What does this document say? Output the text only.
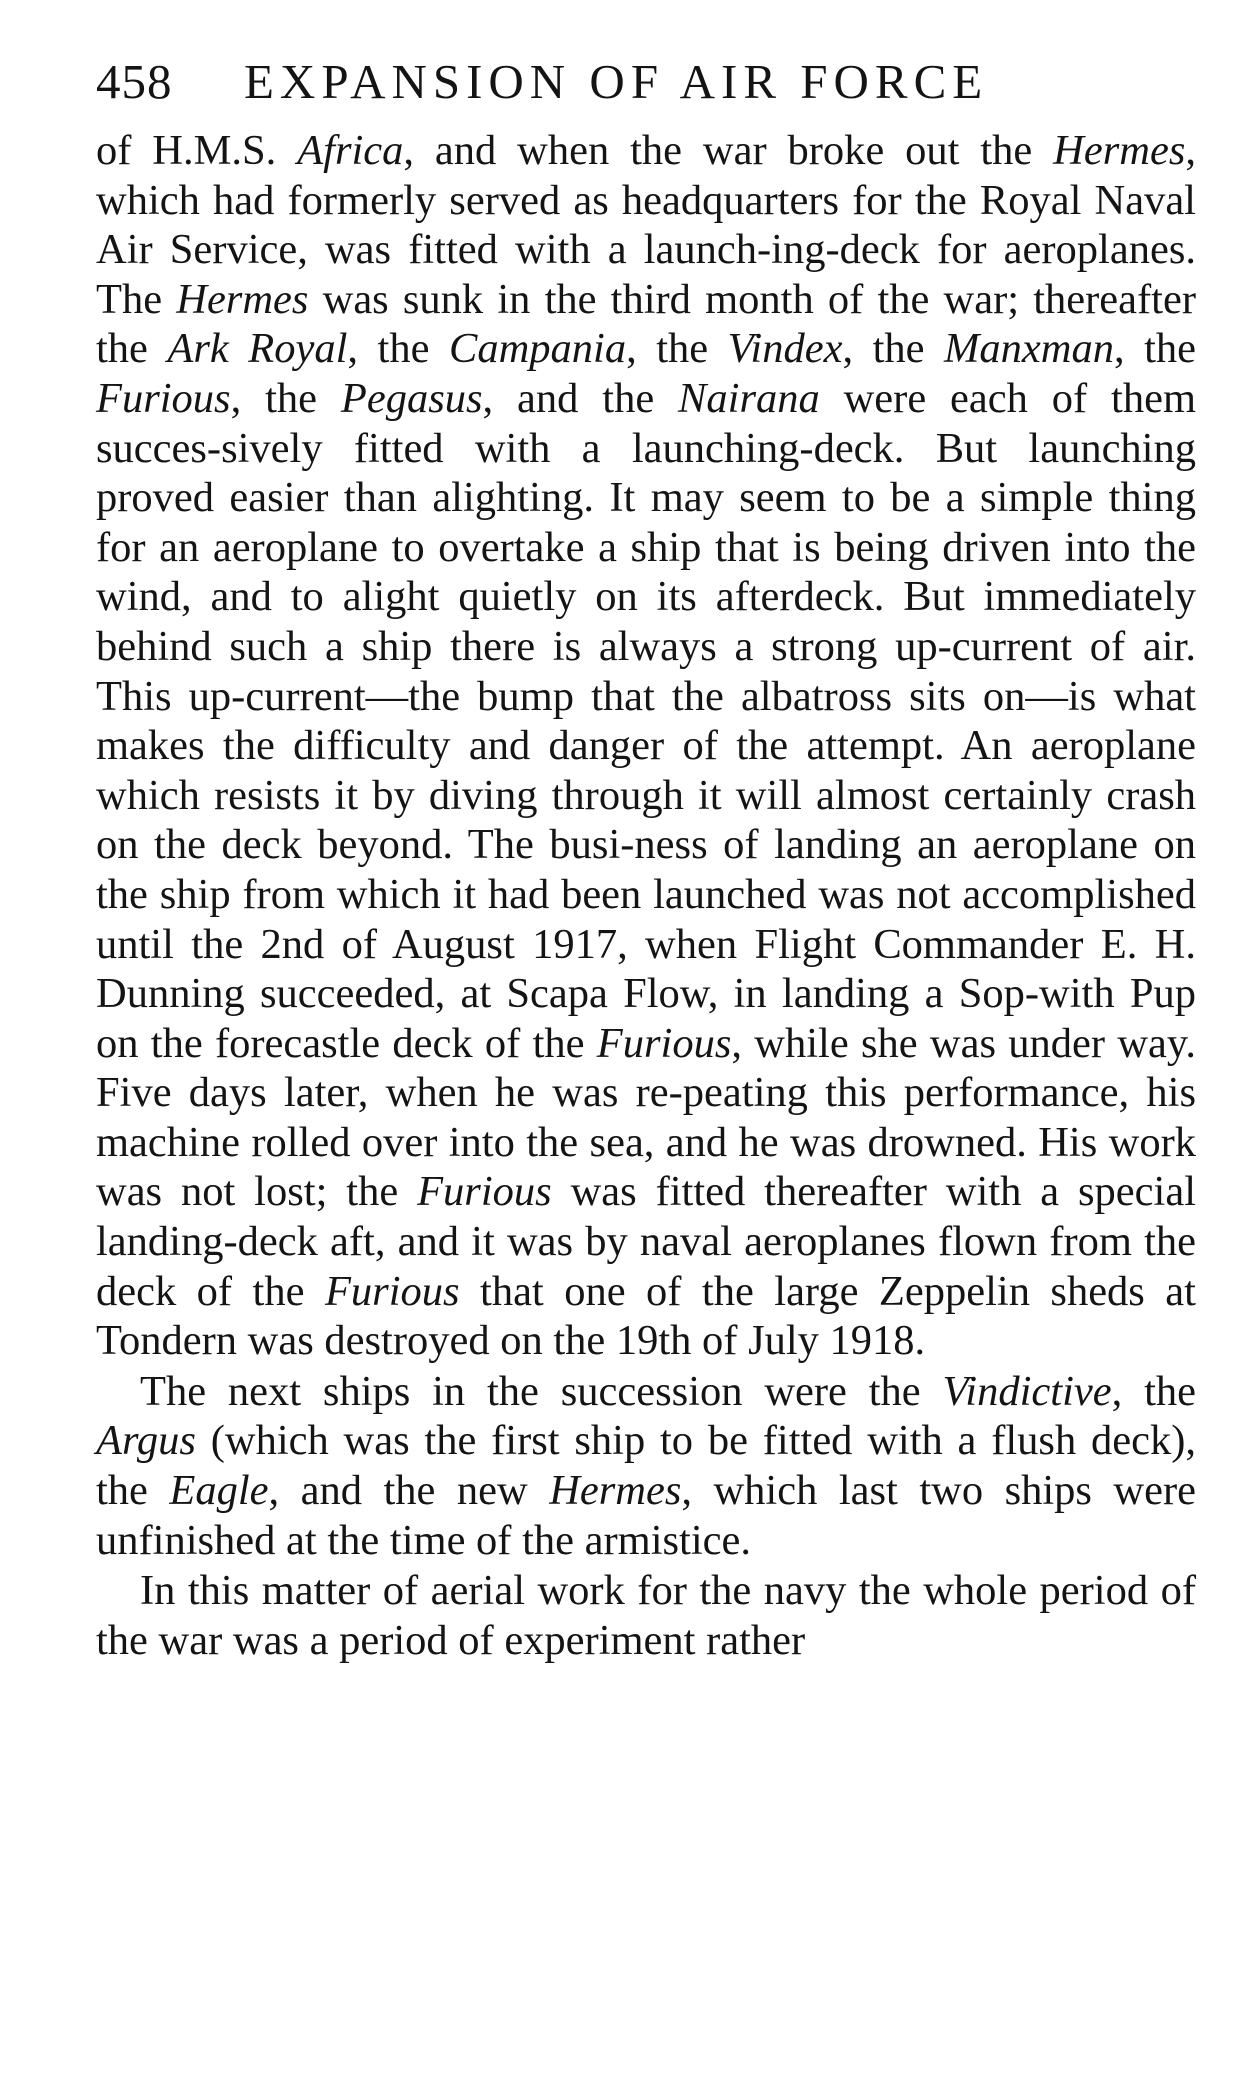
458	EXPANSION OF AIR FORCE

of H.M.S. Africa, and when the war broke out the Hermes, which had formerly served as headquarters for the Royal Naval Air Service, was fitted with a launch-ing-deck for aeroplanes. The Hermes was sunk in the third month of the war; thereafter the Ark Royal, the Campania, the Vindex, the Manxman, the Furious, the Pegasus, and the Nairana were each of them succes-sively fitted with a launching-deck. But launching proved easier than alighting. It may seem to be a simple thing for an aeroplane to overtake a ship that is being driven into the wind, and to alight quietly on its afterdeck. But immediately behind such a ship there is always a strong up-current of air. This up-current—the bump that the albatross sits on—is what makes the difficulty and danger of the attempt. An aeroplane which resists it by diving through it will almost certainly crash on the deck beyond. The busi-ness of landing an aeroplane on the ship from which it had been launched was not accomplished until the 2nd of August 1917, when Flight Commander E. H. Dunning succeeded, at Scapa Flow, in landing a Sop-with Pup on the forecastle deck of the Furious, while she was under way. Five days later, when he was re-peating this performance, his machine rolled over into the sea, and he was drowned. His work was not lost; the Furious was fitted thereafter with a special landing-deck aft, and it was by naval aeroplanes flown from the deck of the Furious that one of the large Zeppelin sheds at Tondern was destroyed on the 19th of July 1918.

The next ships in the succession were the Vindictive, the Argus (which was the first ship to be fitted with a flush deck), the Eagle, and the new Hermes, which last two ships were unfinished at the time of the armistice.

In this matter of aerial work for the navy the whole period of the war was a period of experiment rather
